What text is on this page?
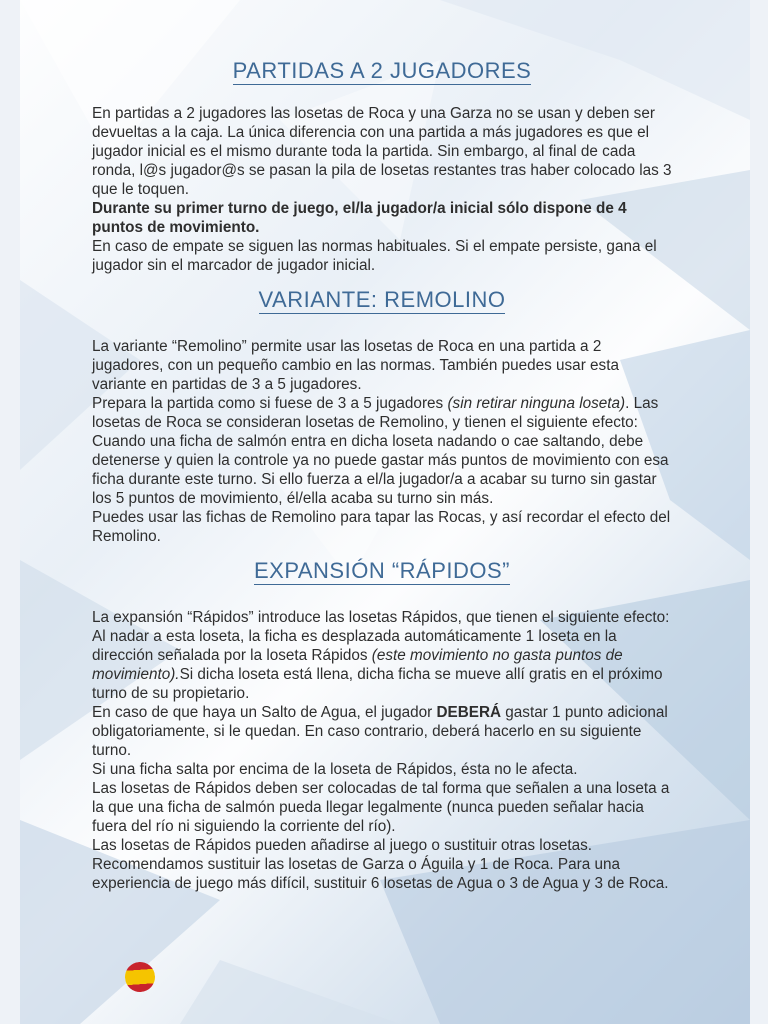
PARTIDAS A 2 JUGADORES

En partidas a 2 jugadores las losetas de Roca y una Garza no se usan y deben ser devueltas a la caja. La única diferencia con una partida a más jugadores es que el jugador inicial es el mismo durante toda la partida. Sin embargo, al final de cada ronda, l@s jugador@s se pasan la pila de losetas restantes tras haber colocado las 3 que le toquen.

Durante su primer turno de juego, el/la jugador/a inicial sólo dispone de 4 puntos de movimiento.

En caso de empate se siguen las normas habituales. Si el empate persiste, gana el jugador sin el marcador de jugador inicial.

VARIANTE: REMOLINO

La variante “Remolino” permite usar las losetas de Roca en una partida a 2 jugadores, con un pequeño cambio en las normas. También puedes usar esta variante en partidas de 3 a 5 jugadores.

Prepara la partida como si fuese de 3 a 5 jugadores (sin retirar ninguna loseta). Las losetas de Roca se consideran losetas de Remolino, y tienen el siguiente efecto: Cuando una ficha de salmón entra en dicha loseta nadando o cae saltando, debe detenerse y quien la controle ya no puede gastar más puntos de movimiento con esa ficha durante este turno. Si ello fuerza a el/la jugador/a a acabar su turno sin gastar los 5 puntos de movimiento, él/ella acaba su turno sin más.

Puedes usar las fichas de Remolino para tapar las Rocas, y así recordar el efecto del Remolino.

EXPANSIÓN “RÁPIDOS”

La expansión “Rápidos” introduce las losetas Rápidos, que tienen el siguiente efecto: Al nadar a esta loseta, la ficha es desplazada automáticamente 1 loseta en la dirección señalada por la loseta Rápidos (este movimiento no gasta puntos de movimiento).Si dicha loseta está llena, dicha ficha se mueve allí gratis en el próximo turno de su propietario.

En caso de que haya un Salto de Agua, el jugador DEBERÁ gastar 1 punto adicional obligatoriamente, si le quedan. En caso contrario, deberá hacerlo en su siguiente turno.

Si una ficha salta por encima de la loseta de Rápidos, ésta no le afecta.

Las losetas de Rápidos deben ser colocadas de tal forma que señalen a una loseta a la que una ficha de salmón pueda llegar legalmente (nunca pueden señalar hacia fuera del río ni siguiendo la corriente del río).

Las losetas de Rápidos pueden añadirse al juego o sustituir otras losetas. Recomendamos sustituir las losetas de Garza o Águila y 1 de Roca. Para una experiencia de juego más difícil, sustituir 6 losetas de Agua o 3 de Agua y 3 de Roca.
